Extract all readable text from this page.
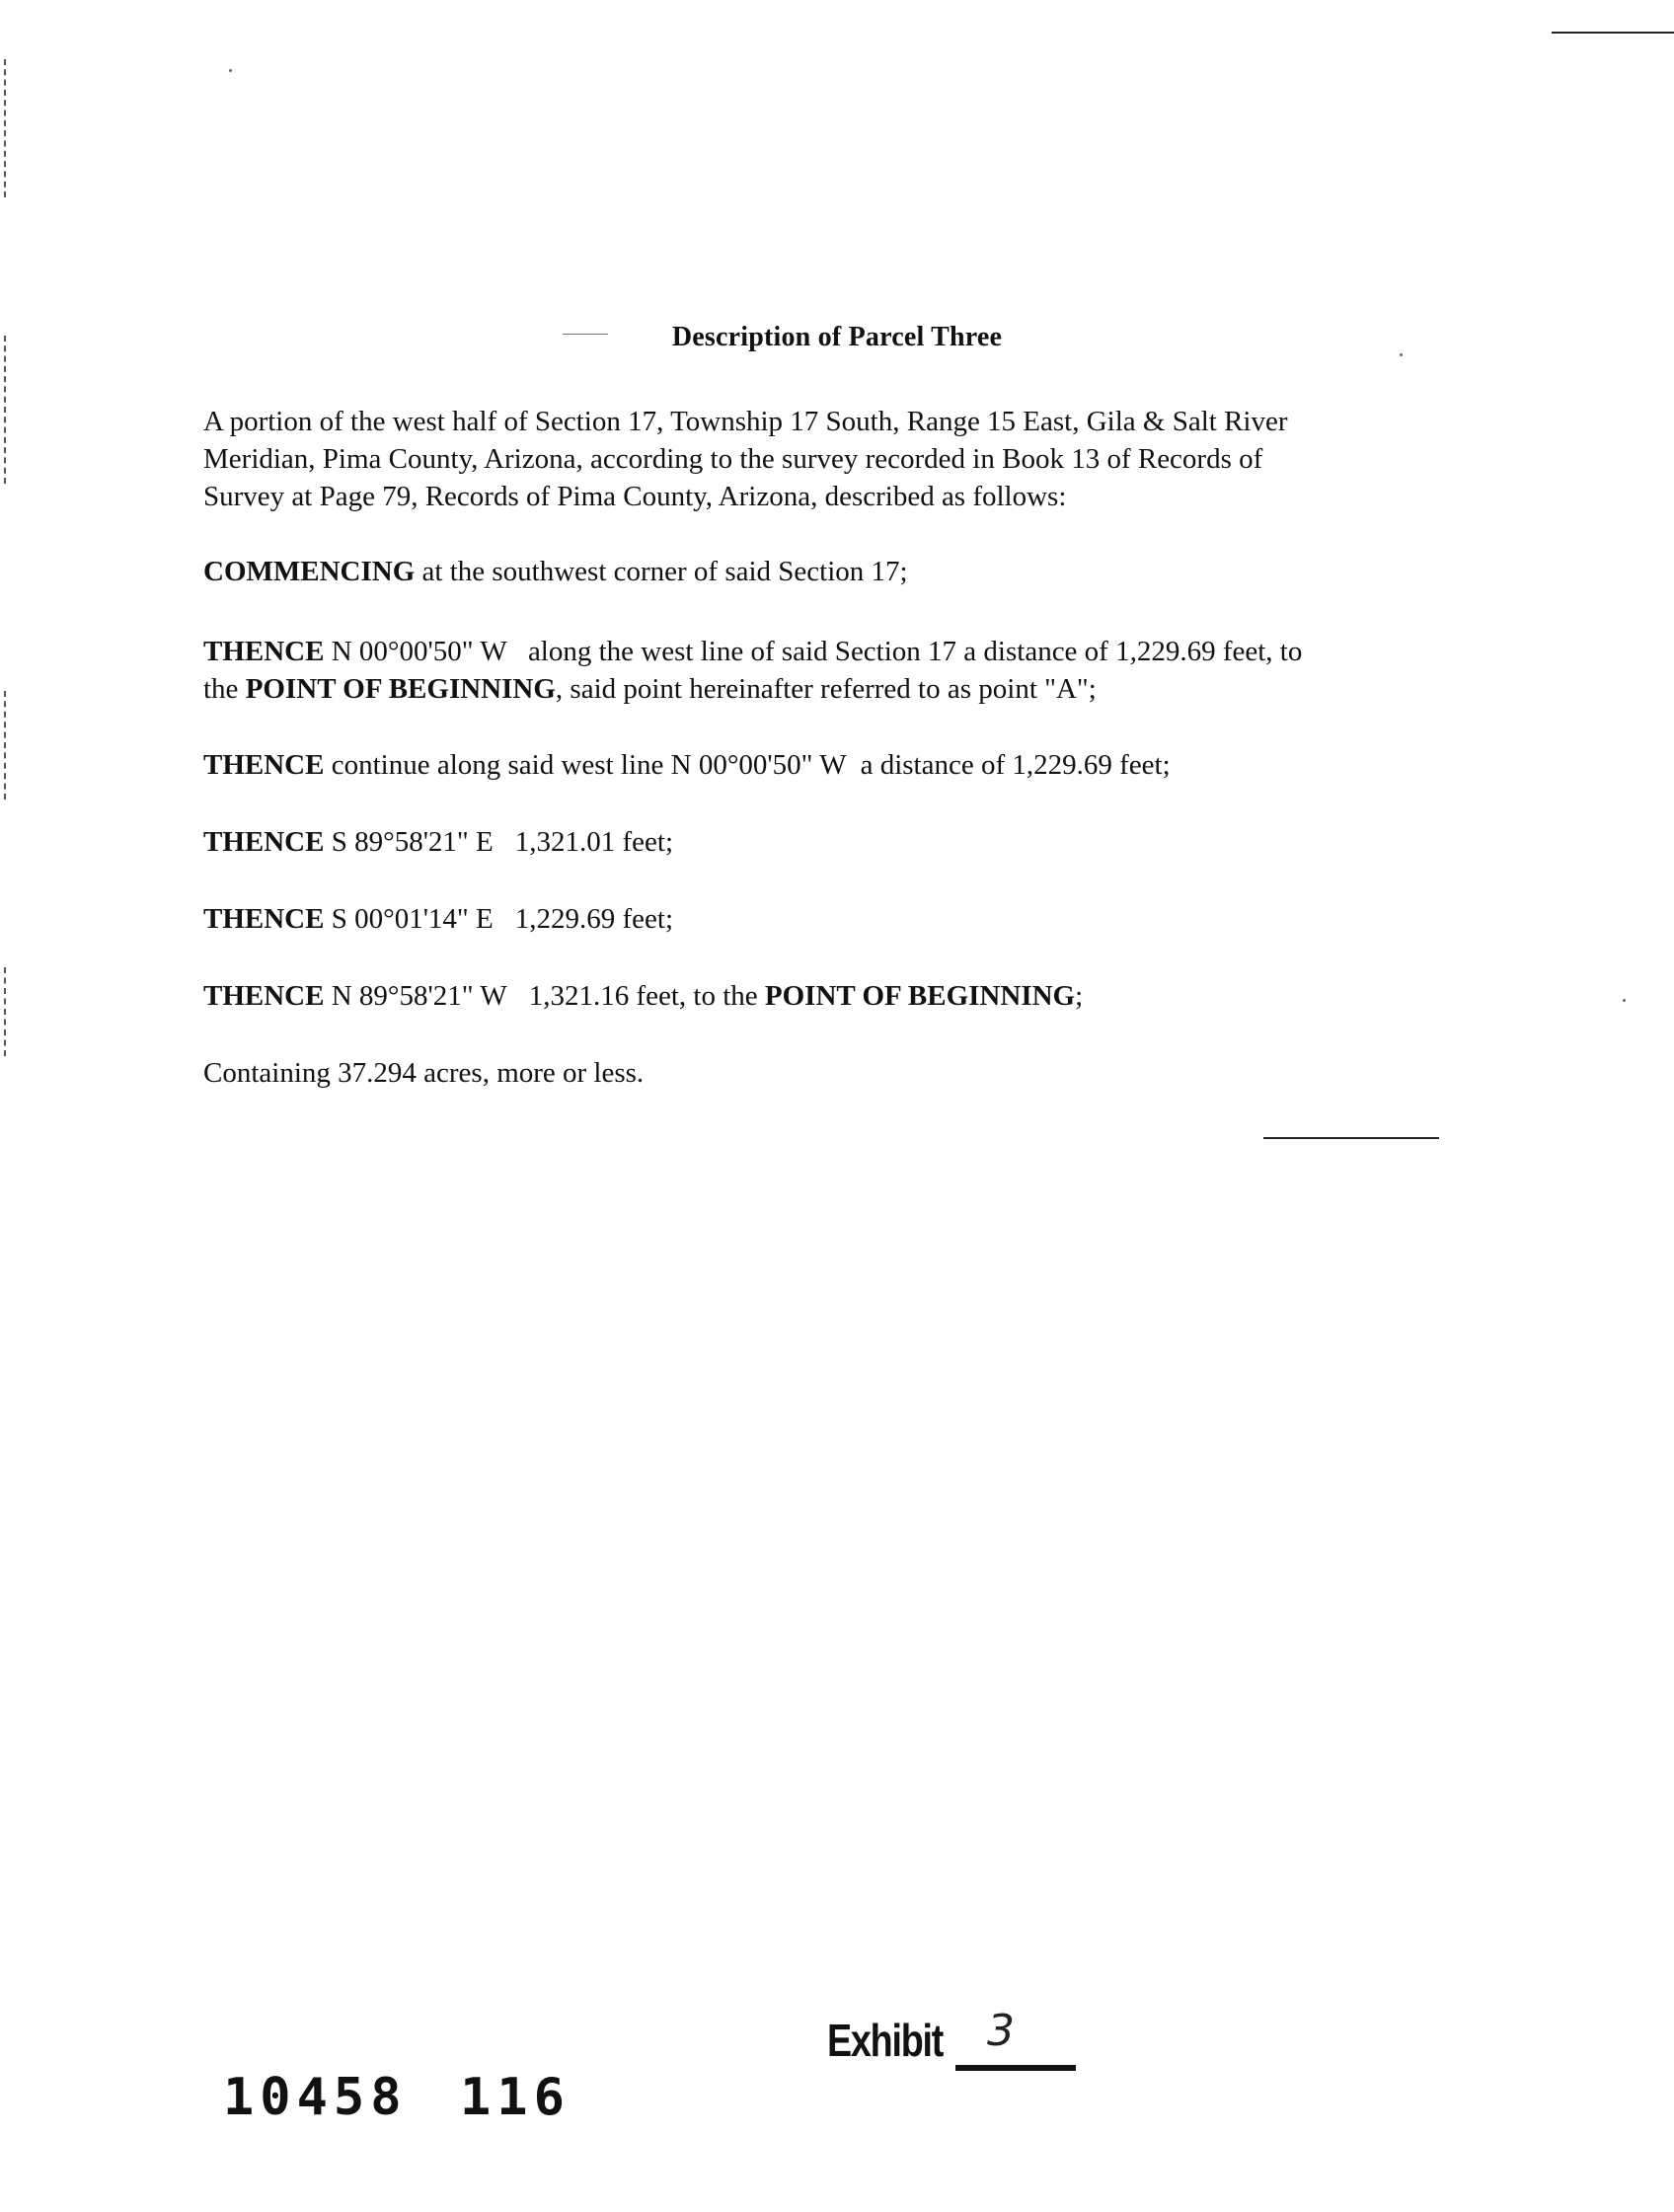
Description of Parcel Three
A portion of the west half of Section 17, Township 17 South, Range 15 East, Gila & Salt River
Meridian, Pima County, Arizona, according to the survey recorded in Book 13 of Records of
Survey at Page 79, Records of Pima County, Arizona, described as follows:
COMMENCING at the southwest corner of said Section 17;
THENCE N 00°00'50" W along the west line of said Section 17 a distance of 1,229.69 feet, to
the POINT OF BEGINNING, said point hereinafter referred to as point "A";
THENCE continue along said west line N 00°00'50" W a distance of 1,229.69 feet;
THENCE S 89°58'21" E 1,321.01 feet;
THENCE S 00°01'14" E 1,229.69 feet;
THENCE N 89°58'21" W 1,321.16 feet, to the POINT OF BEGINNING;
Containing 37.294 acres, more or less.
10458 116
Exhibit 3
